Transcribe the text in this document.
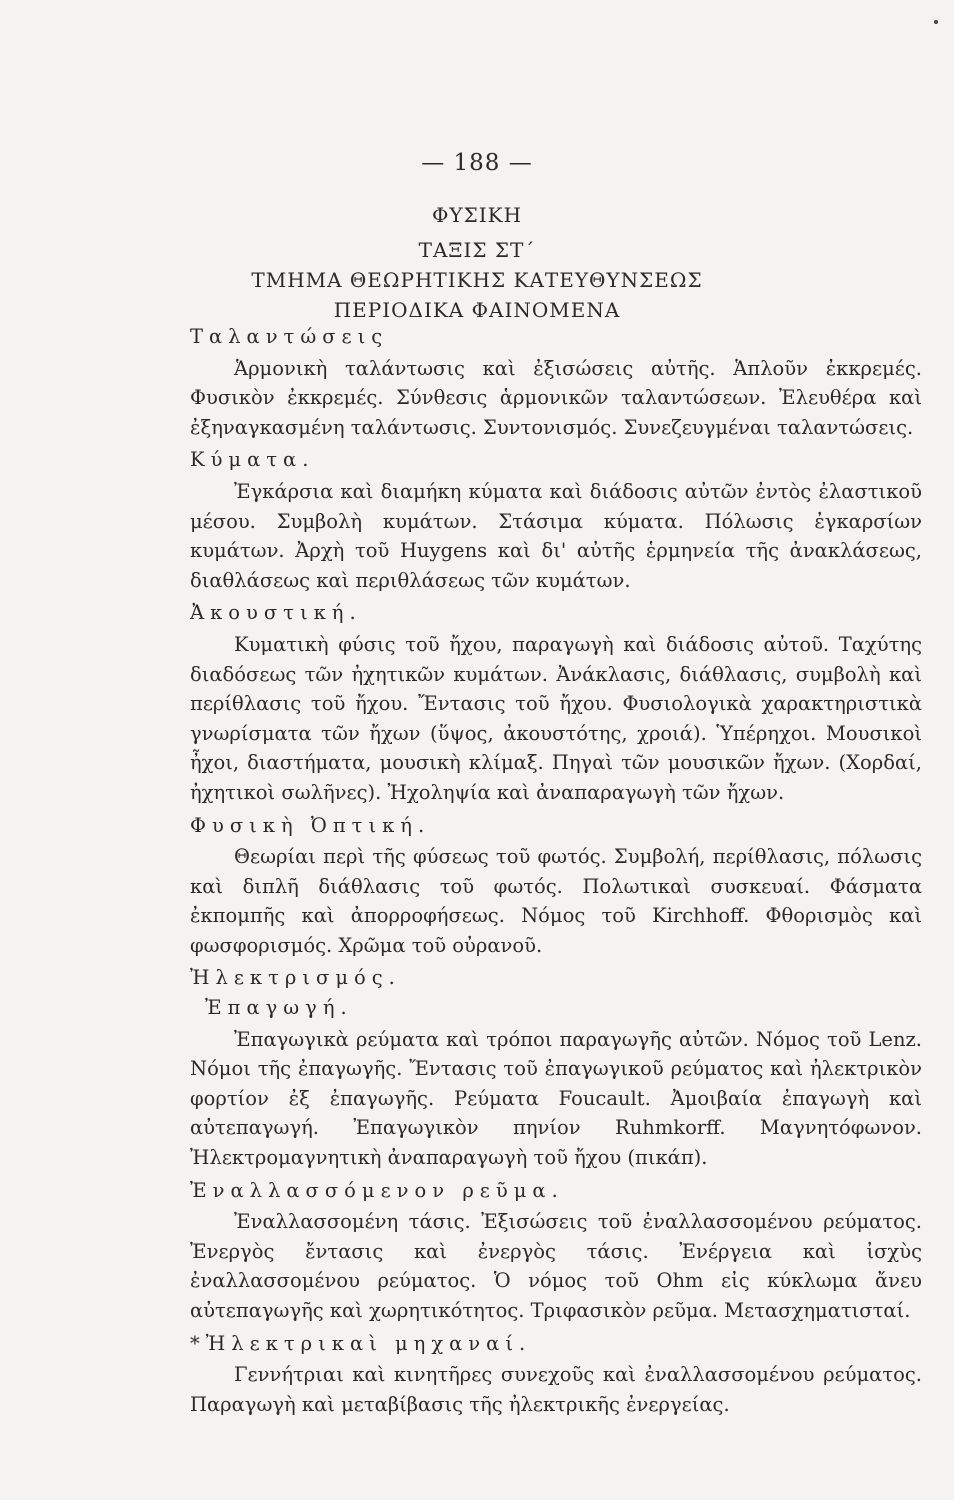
— 188 —
ΦΥΣΙΚΗ
ΤΑΞΙΣ ΣΤ΄
ΤΜΗΜΑ ΘΕΩΡΗΤΙΚΗΣ ΚΑΤΕΥΘΥΝΣΕΩΣ
ΠΕΡΙΟΔΙΚΑ ΦΑΙΝΟΜΕΝΑ
Ταλαντώσεις

Ἁρμονικὴ ταλάντωσις καὶ ἐξισώσεις αὐτῆς. Ἁπλοῦν ἐκκρεμές. Φυσικὸν ἐκκρεμές. Σύνθεσις ἁρμονικῶν ταλαντώσεων. Ἐλευθέρα καὶ ἐξηναγκασμένη ταλάντωσις. Συντονισμός. Συνεζευγμέναι ταλαντώσεις.

Κύματα.

Ἐγκάρσια καὶ διαμήκη κύματα καὶ διάδοσις αὐτῶν ἐντὸς ἐλαστικοῦ μέσου. Συμβολὴ κυμάτων. Στάσιμα κύματα. Πόλωσις ἐγκαρσίων κυμάτων. Ἀρχὴ τοῦ Huygens καὶ δι' αὐτῆς ἑρμηνεία τῆς ἀνακλάσεως, διαθλάσεως καὶ περιθλάσεως τῶν κυμάτων.

Ἀκουστική.

Κυματικὴ φύσις τοῦ ἤχου, παραγωγὴ καὶ διάδοσις αὐτοῦ. Ταχύτης διαδόσεως τῶν ἠχητικῶν κυμάτων. Ἀνάκλασις, διάθλασις, συμβολὴ καὶ περίθλασις τοῦ ἤχου. Ἔντασις τοῦ ἤχου. Φυσιολογικὰ χαρακτηριστικὰ γνωρίσματα τῶν ἤχων (ὕψος, ἀκουστότης, χροιά). Ὑπέρηχοι. Μουσικοὶ ἦχοι, διαστήματα, μουσικὴ κλίμαξ. Πηγαὶ τῶν μουσικῶν ἤχων. (Χορδαί, ἠχητικοὶ σωλῆνες). Ἠχοληψία καὶ ἀναπαραγωγὴ τῶν ἤχων.

Φυσικὴ Ὀπτική.

Θεωρίαι περὶ τῆς φύσεως τοῦ φωτός. Συμβολή, περίθλασις, πόλωσις καὶ διπλῆ διάθλασις τοῦ φωτός. Πολωτικαὶ συσκευαί. Φάσματα ἐκπομπῆς καὶ ἀπορροφήσεως. Νόμος τοῦ Kirchhoff. Φθορισμὸς καὶ φωσφορισμός. Χρῶμα τοῦ οὐρανοῦ.

Ἠλεκτρισμός.
Ἐπαγωγή.

Ἐπαγωγικὰ ρεύματα καὶ τρόποι παραγωγῆς αὐτῶν. Νόμος τοῦ Lenz. Νόμοι τῆς ἐπαγωγῆς. Ἔντασις τοῦ ἐπαγωγικοῦ ρεύματος καὶ ἠλεκτρικὸν φορτίον ἐξ ἐπαγωγῆς. Ρεύματα Foucault. Ἀμοιβαία ἐπαγωγὴ καὶ αὐτεπαγωγή. Ἐπαγωγικὸν πηνίον Ruhmkorff. Μαγνητόφωνον. Ἠλεκτρομαγνητικὴ ἀναπαραγωγὴ τοῦ ἤχου (πικάπ).

Ἐναλλασσόμενον ρεῦμα.

Ἐναλλασσομένη τάσις. Ἐξισώσεις τοῦ ἐναλλασσομένου ρεύματος. Ἐνεργὸς ἔντασις καὶ ἐνεργὸς τάσις. Ἐνέργεια καὶ ἰσχὺς ἐναλλασσομένου ρεύματος. Ὁ νόμος τοῦ Ohm εἰς κύκλωμα ἄνευ αὐτεπαγωγῆς καὶ χωρητικότητος. Τριφασικὸν ρεῦμα. Μετασχηματισταί.

*Ἠλεκτρικαὶ μηχαναί.

Γεννήτριαι καὶ κινητῆρες συνεχοῦς καὶ ἐναλλασσομένου ρεύματος. Παραγωγὴ καὶ μεταβίβασις τῆς ἠλεκτρικῆς ἐνεργείας.
